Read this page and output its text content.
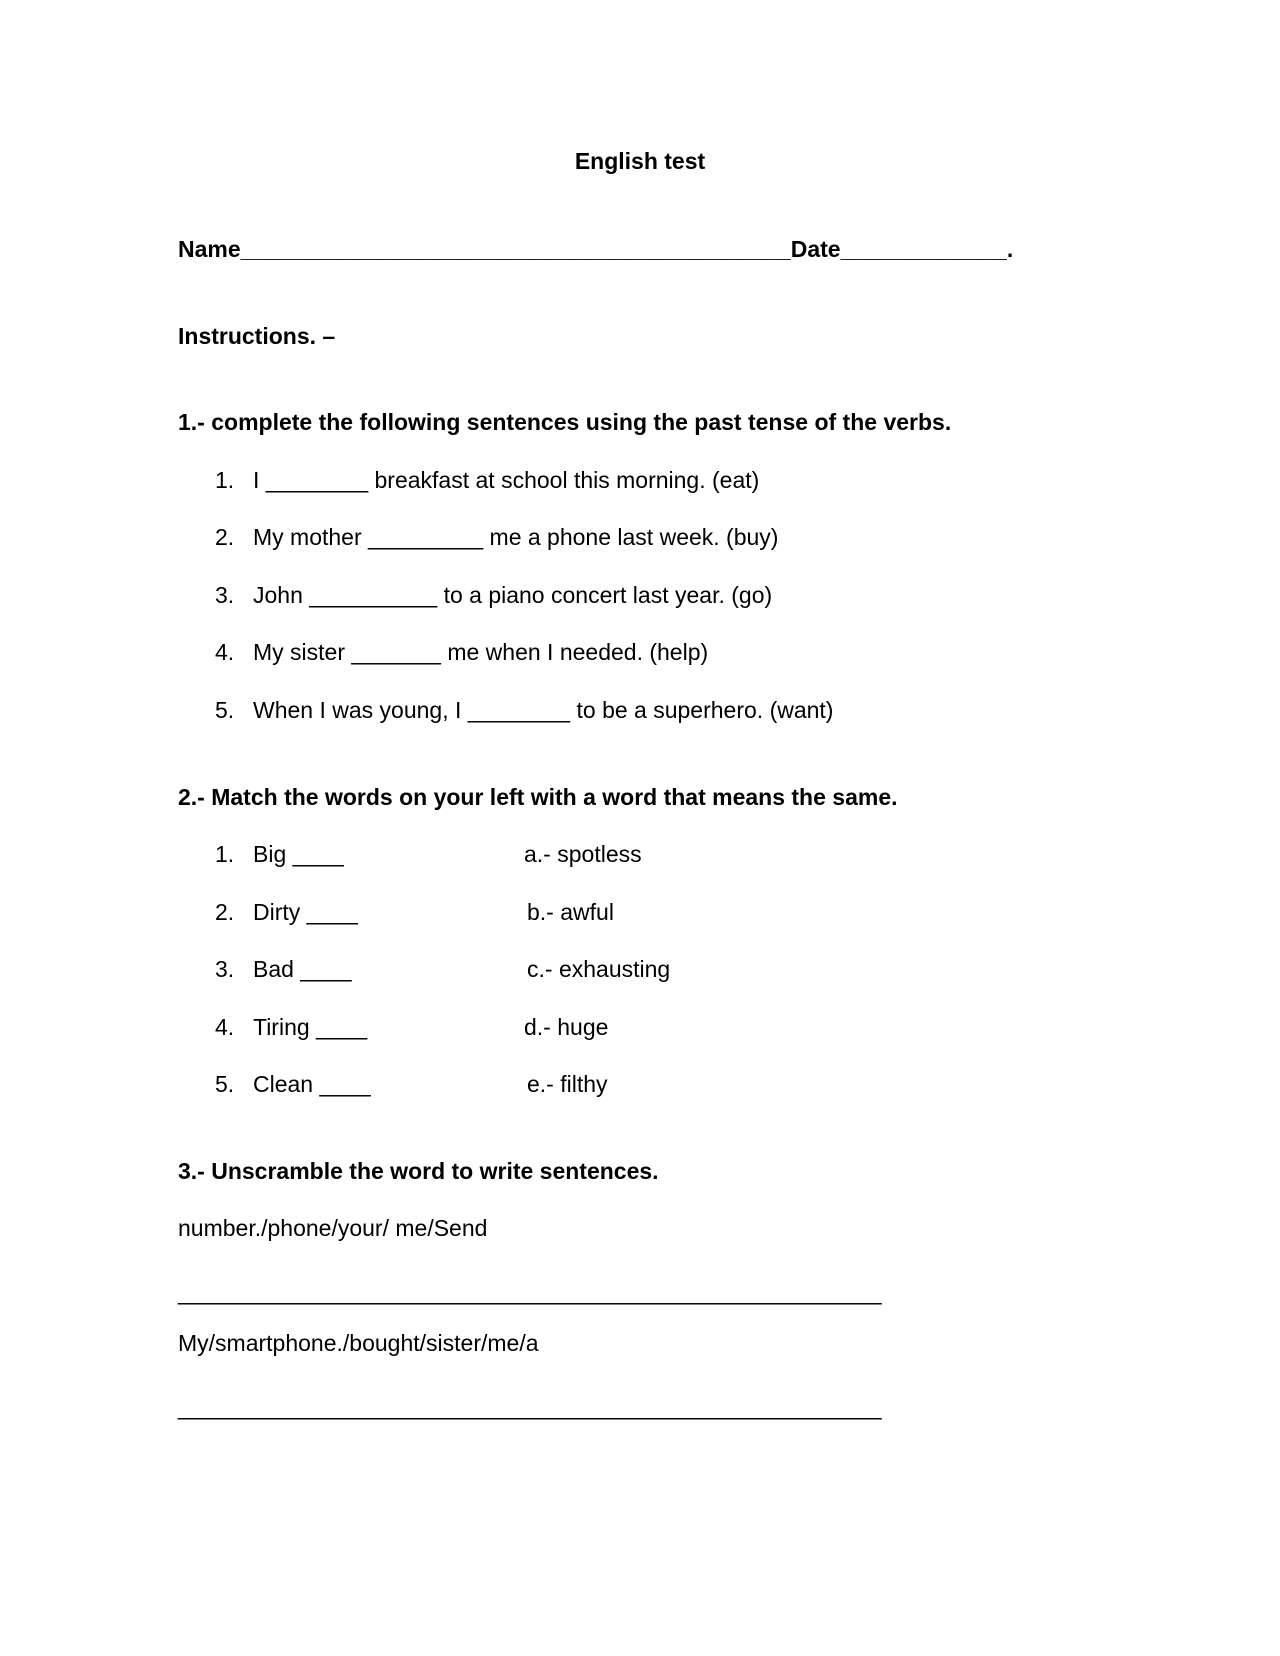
English test
Name___________________________________________Date_____________.
Instructions. –
1.- complete the following sentences using the past tense of the verbs.
1. I ________ breakfast at school this morning. (eat)
2. My mother _________ me a phone last week. (buy)
3. John __________ to a piano concert last year. (go)
4. My sister _______ me when I needed. (help)
5. When I was young, I ________ to be a superhero. (want)
2.- Match the words on your left with a word that means the same.
1. Big ____	a.- spotless
2. Dirty ____	b.- awful
3. Bad ____	c.- exhausting
4. Tiring ____	d.- huge
5. Clean ____	e.- filthy
3.- Unscramble the word to write sentences.
number./phone/your/ me/Send
_______________________________________________________
My/smartphone./bought/sister/me/a
_______________________________________________________
